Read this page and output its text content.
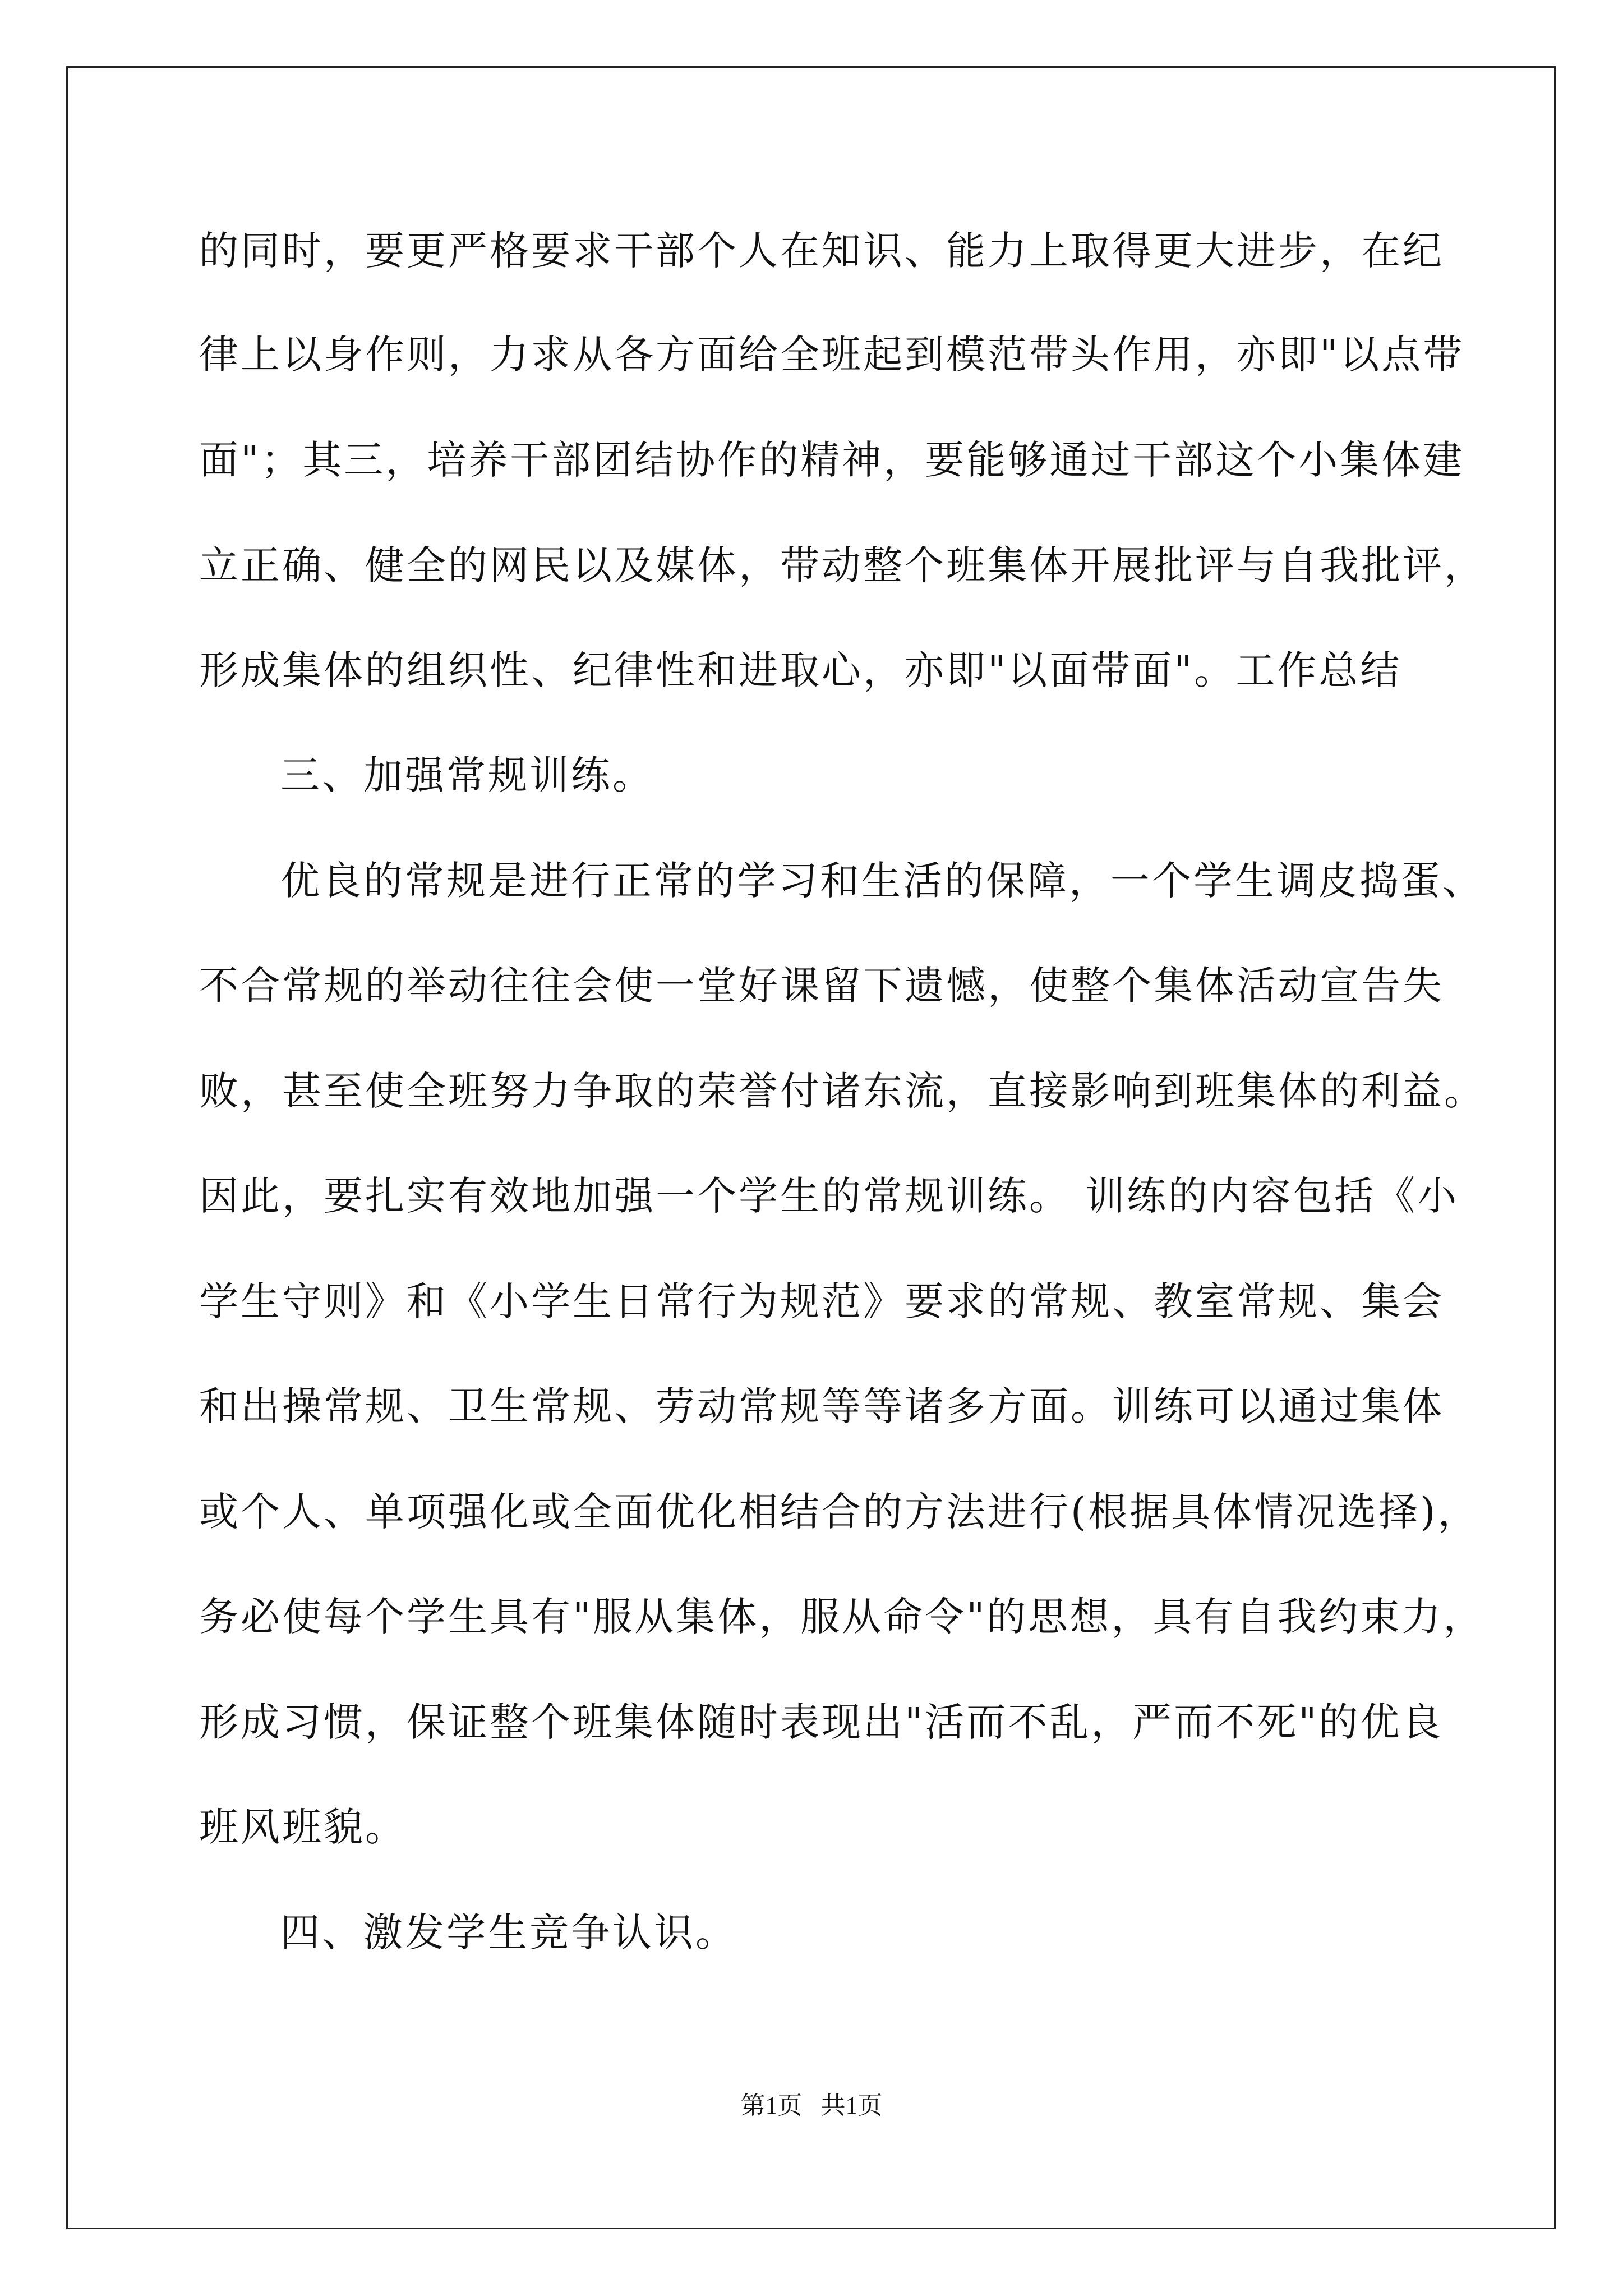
的同时，要更严格要求干部个人在知识、能力上取得更大进步，在纪
律上以身作则，力求从各方面给全班起到模范带头作用，亦即"以点带
面"；其三，培养干部团结协作的精神，要能够通过干部这个小集体建
立正确、健全的网民以及媒体，带动整个班集体开展批评与自我批评，
形成集体的组织性、纪律性和进取心，亦即"以面带面"。工作总结
三、加强常规训练。
优良的常规是进行正常的学习和生活的保障，一个学生调皮捣蛋、
不合常规的举动往往会使一堂好课留下遗憾，使整个集体活动宣告失
败，甚至使全班努力争取的荣誉付诸东流，直接影响到班集体的利益。
因此，要扎实有效地加强一个学生的常规训练。 训练的内容包括《小
学生守则》和《小学生日常行为规范》要求的常规、教室常规、集会
和出操常规、卫生常规、劳动常规等等诸多方面。训练可以通过集体
或个人、单项强化或全面优化相结合的方法进行(根据具体情况选择)，
务必使每个学生具有"服从集体，服从命令"的思想，具有自我约束力，
形成习惯，保证整个班集体随时表现出"活而不乱，严而不死"的优良
班风班貌。
四、激发学生竞争认识。
第1页   共1页
